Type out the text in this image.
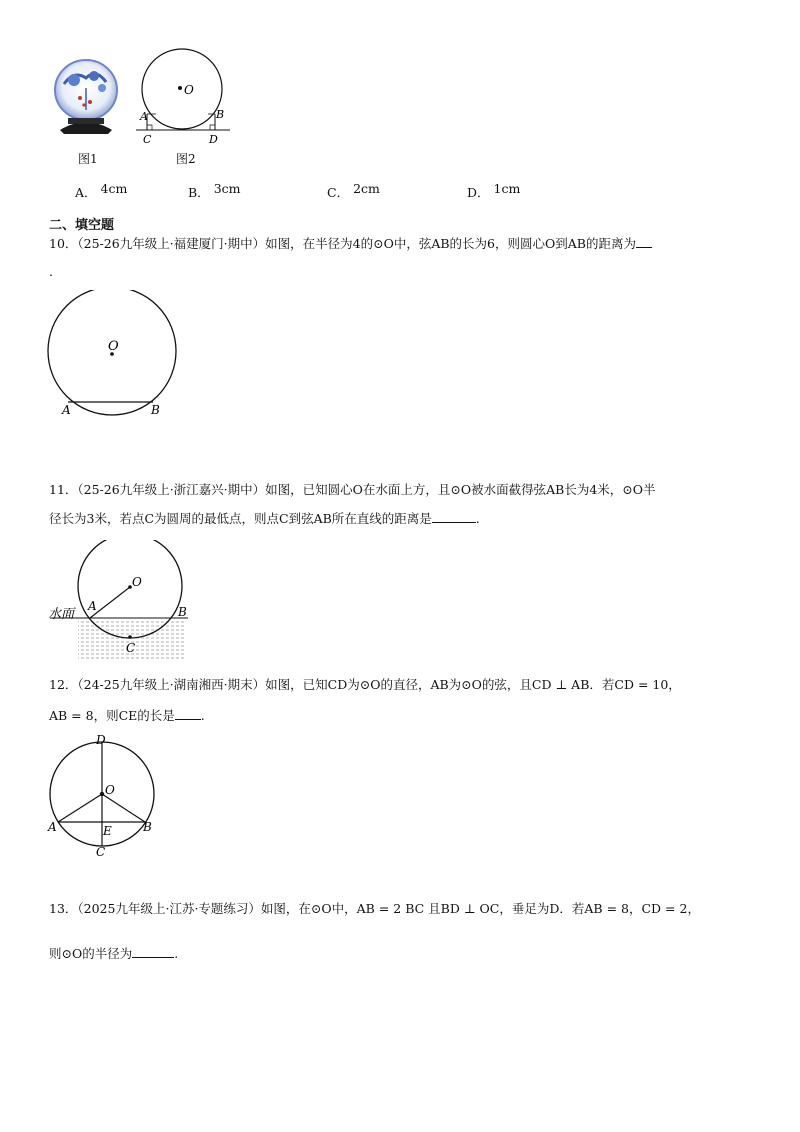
O
A	B
C	D
图1	图2
A． 4cm	B． 3cm	C． 2cm	D． 1cm
二、填空题
10．（25-26九年级上·福建厦门·期中）如图，在半径为4的⊙O中，弦AB的长为6，则圆心O到AB的距离为
.
O
A	B
11．（25-26九年级上·浙江嘉兴·期中）如图，已知圆心O在水面上方，且⊙O被水面截得弦AB长为4米，⊙O半
径长为3米，若点C为圆周的最低点，则点C到弦AB所在直线的距离是	.
水面
O
A	B
C
12．（24-25九年级上·湖南湘西·期末）如图，已知CD为⊙O的直径，AB为⊙O的弦，且CD ⊥ AB．若CD = 10，
AB = 8，则CE的长是 .
D
O
A	E	B
C
13．（2025九年级上·江苏·专题练习）如图，在⊙O中，AB = 2 BC 且BD ⊥ OC，垂足为D．若AB = 8，CD = 2，
则⊙O的半径为	.
